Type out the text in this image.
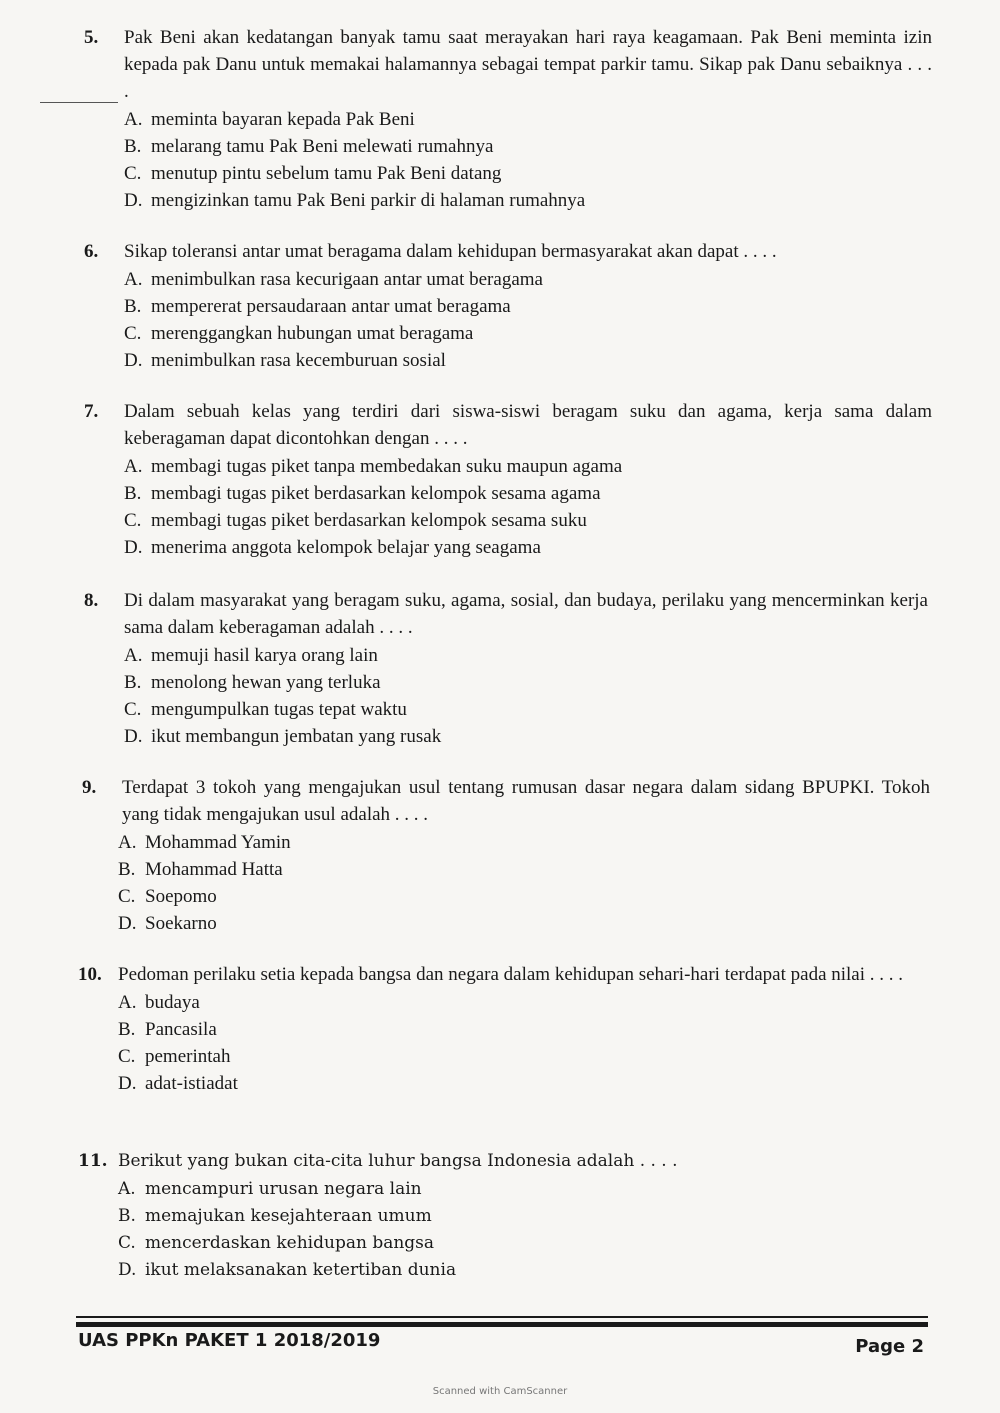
5.	Pak Beni akan kedatangan banyak tamu saat merayakan hari raya keagamaan. Pak Beni meminta izin kepada pak Danu untuk memakai halamannya sebagai tempat parkir tamu. Sikap pak Danu sebaiknya . . . .
A. meminta bayaran kepada Pak Beni
B. melarang tamu Pak Beni melewati rumahnya
C. menutup pintu sebelum tamu Pak Beni datang
D. mengizinkan tamu Pak Beni parkir di halaman rumahnya
6.	Sikap toleransi antar umat beragama dalam kehidupan bermasyarakat akan dapat . . . .
A. menimbulkan rasa kecurigaan antar umat beragama
B. mempererat persaudaraan antar umat beragama
C. merenggangkan hubungan umat beragama
D. menimbulkan rasa kecemburuan sosial
7.	Dalam sebuah kelas yang terdiri dari siswa-siswi beragam suku dan agama, kerja sama dalam keberagaman dapat dicontohkan dengan . . . .
A. membagi tugas piket tanpa membedakan suku maupun agama
B. membagi tugas piket berdasarkan kelompok sesama agama
C. membagi tugas piket berdasarkan kelompok sesama suku
D. menerima anggota kelompok belajar yang seagama
8.	Di dalam masyarakat yang beragam suku, agama, sosial, dan budaya, perilaku yang mencerminkan kerja sama dalam keberagaman adalah . . . .
A. memuji hasil karya orang lain
B. menolong hewan yang terluka
C. mengumpulkan tugas tepat waktu
D. ikut membangun jembatan yang rusak
9.	Terdapat 3 tokoh yang mengajukan usul tentang rumusan dasar negara dalam sidang BPUPKI. Tokoh yang tidak mengajukan usul adalah . . . .
A. Mohammad Yamin
B. Mohammad Hatta
C. Soepomo
D. Soekarno
10. Pedoman perilaku setia kepada bangsa dan negara dalam kehidupan sehari-hari terdapat pada nilai . . . .
A. budaya
B. Pancasila
C. pemerintah
D. adat-istiadat
11. Berikut yang bukan cita-cita luhur bangsa Indonesia adalah . . . .
A. mencampuri urusan negara lain
B. memajukan kesejahteraan umum
C. mencerdaskan kehidupan bangsa
D. ikut melaksanakan ketertiban dunia
UAS PPKn PAKET 1 2018/2019	Page 2
Scanned with CamScanner
